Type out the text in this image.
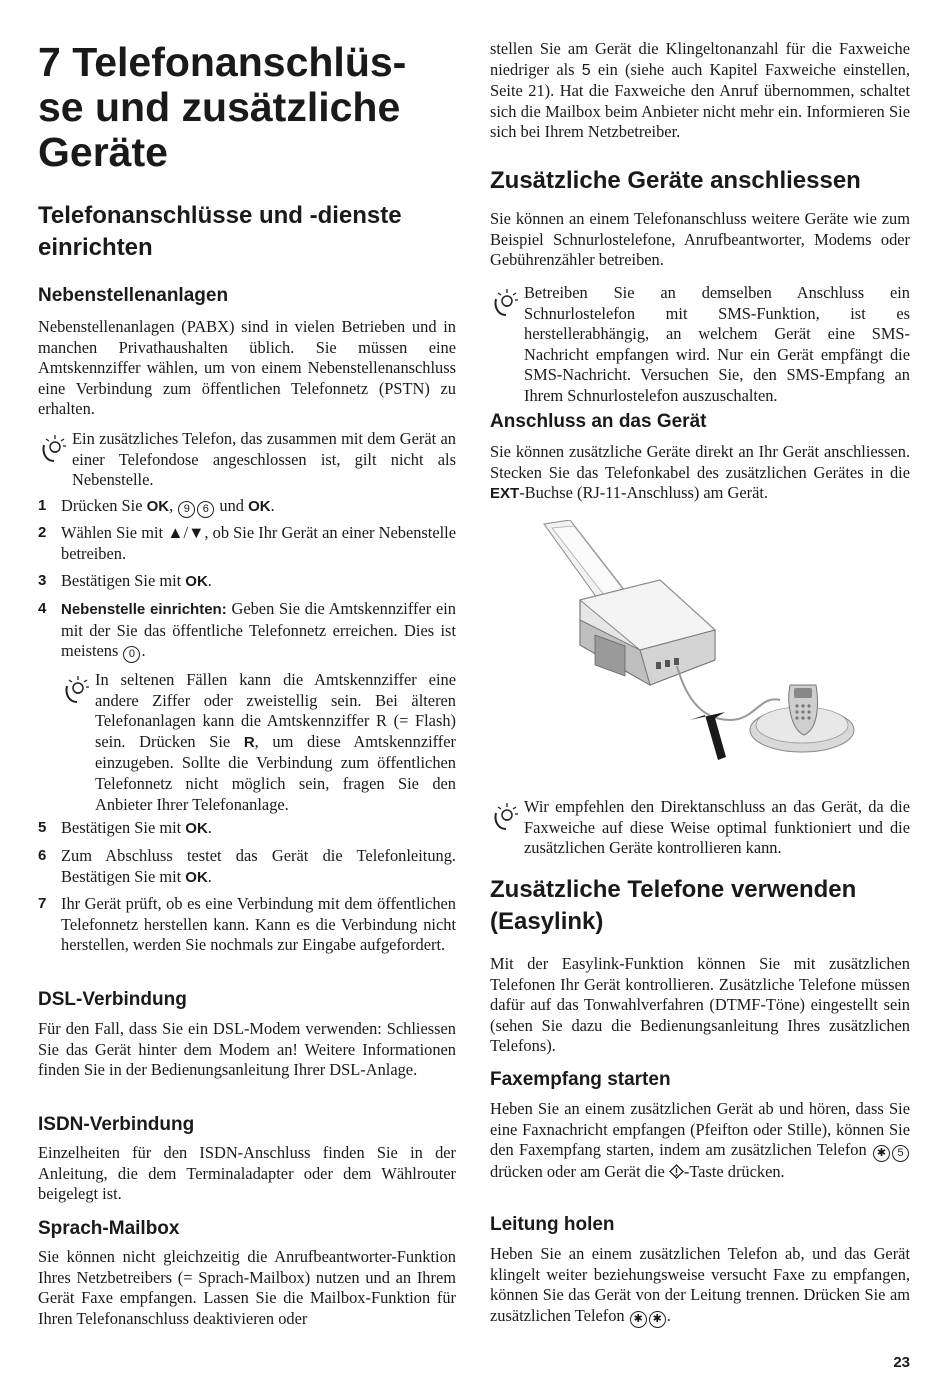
7 Telefonanschlüs-
se und zusätzliche
Geräte
Telefonanschlüsse und -dienste einrichten
Nebenstellenanlagen

Nebenstellenanlagen (PABX) sind in vielen Betrieben und in manchen Privathaushalten üblich. Sie müssen eine Amtskennziffer wählen, um von einem Nebenstellenanschluss eine Verbindung zum öffentlichen Telefonnetz (PSTN) zu erhalten.

Ein zusätzliches Telefon, das zusammen mit dem Gerät an einer Telefondose angeschlossen ist, gilt nicht als Nebenstelle.
1 Drücken Sie OK, 9 6 und OK.
2 Wählen Sie mit ▲/▼, ob Sie Ihr Gerät an einer Nebenstelle betreiben.
3 Bestätigen Sie mit OK.
4 Nebenstelle einrichten: Geben Sie die Amtskennziffer ein mit der Sie das öffentliche Telefonnetz erreichen. Dies ist meistens 0 .
In seltenen Fällen kann die Amtskennziffer eine andere Ziffer oder zweistellig sein. Bei älteren Telefonanlagen kann die Amtskennziffer R (= Flash) sein. Drücken Sie R, um diese Amtskennziffer einzugeben. Sollte die Verbindung zum öffentlichen Telefonnetz nicht möglich sein, fragen Sie den Anbieter Ihrer Telefonanlage.
5 Bestätigen Sie mit OK.
6 Zum Abschluss testet das Gerät die Telefonleitung. Bestätigen Sie mit OK.
7 Ihr Gerät prüft, ob es eine Verbindung mit dem öffentlichen Telefonnetz herstellen kann. Kann es die Verbindung nicht herstellen, werden Sie nochmals zur Eingabe aufgefordert.
DSL-Verbindung

Für den Fall, dass Sie ein DSL-Modem verwenden: Schliessen Sie das Gerät hinter dem Modem an! Weitere Informationen finden Sie in der Bedienungsanleitung Ihrer DSL-Anlage.

ISDN-Verbindung

Einzelheiten für den ISDN-Anschluss finden Sie in der Anleitung, die dem Terminaladapter oder dem Wählrouter beigelegt ist.

Sprach-Mailbox

Sie können nicht gleichzeitig die Anrufbeantworter-Funktion Ihres Netzbetreibers (= Sprach-Mailbox) nutzen und an Ihrem Gerät Faxe empfangen. Lassen Sie die Mailbox-Funktion für Ihren Telefonanschluss deaktivieren oder

stellen Sie am Gerät die Klingeltonanzahl für die Faxweiche niedriger als 5 ein (siehe auch Kapitel Faxweiche einstellen, Seite 21). Hat die Faxweiche den Anruf übernommen, schaltet sich die Mailbox beim Anbieter nicht mehr ein. Informieren Sie sich bei Ihrem Netzbetreiber.

Zusätzliche Geräte anschliessen

Sie können an einem Telefonanschluss weitere Geräte wie zum Beispiel Schnurlostelefone, Anrufbeantworter, Modems oder Gebührenzähler betreiben.

Betreiben Sie an demselben Anschluss ein Schnurlostelefon mit SMS-Funktion, ist es herstellerabhängig, an welchem Gerät eine SMS-Nachricht empfangen wird. Nur ein Gerät empfängt die SMS-Nachricht. Versuchen Sie, den SMS-Empfang an Ihrem Schnurlostelefon auszuschalten.
Anschluss an das Gerät

Sie können zusätzliche Geräte direkt an Ihr Gerät anschliessen. Stecken Sie das Telefonkabel des zusätzlichen Gerätes in die EXT-Buchse (RJ-11-Anschluss) am Gerät.

Wir empfehlen den Direktanschluss an das Gerät, da die Faxweiche auf diese Weise optimal funktioniert und die zusätzlichen Geräte kontrollieren kann.
Zusätzliche Telefone verwenden (Easylink)

Mit der Easylink-Funktion können Sie mit zusätzlichen Telefonen Ihr Gerät kontrollieren. Zusätzliche Telefone müssen dafür auf das Tonwahlverfahren (DTMF-Töne) eingestellt sein (sehen Sie dazu die Bedienungsanleitung Ihres zusätzlichen Telefons).

Faxempfang starten

Heben Sie an einem zusätzlichen Gerät ab und hören, dass Sie eine Faxnachricht empfangen (Pfeifton oder Stille), können Sie den Faxempfang starten, indem am zusätzlichen Telefon ✱ 5 drücken oder am Gerät die -Taste drücken.

Leitung holen

Heben Sie an einem zusätzlichen Telefon ab, und das Gerät klingelt weiter beziehungsweise versucht Faxe zu empfangen, können Sie das Gerät von der Leitung trennen. Drücken Sie am zusätzlichen Telefon ✱ ✱ .

23
